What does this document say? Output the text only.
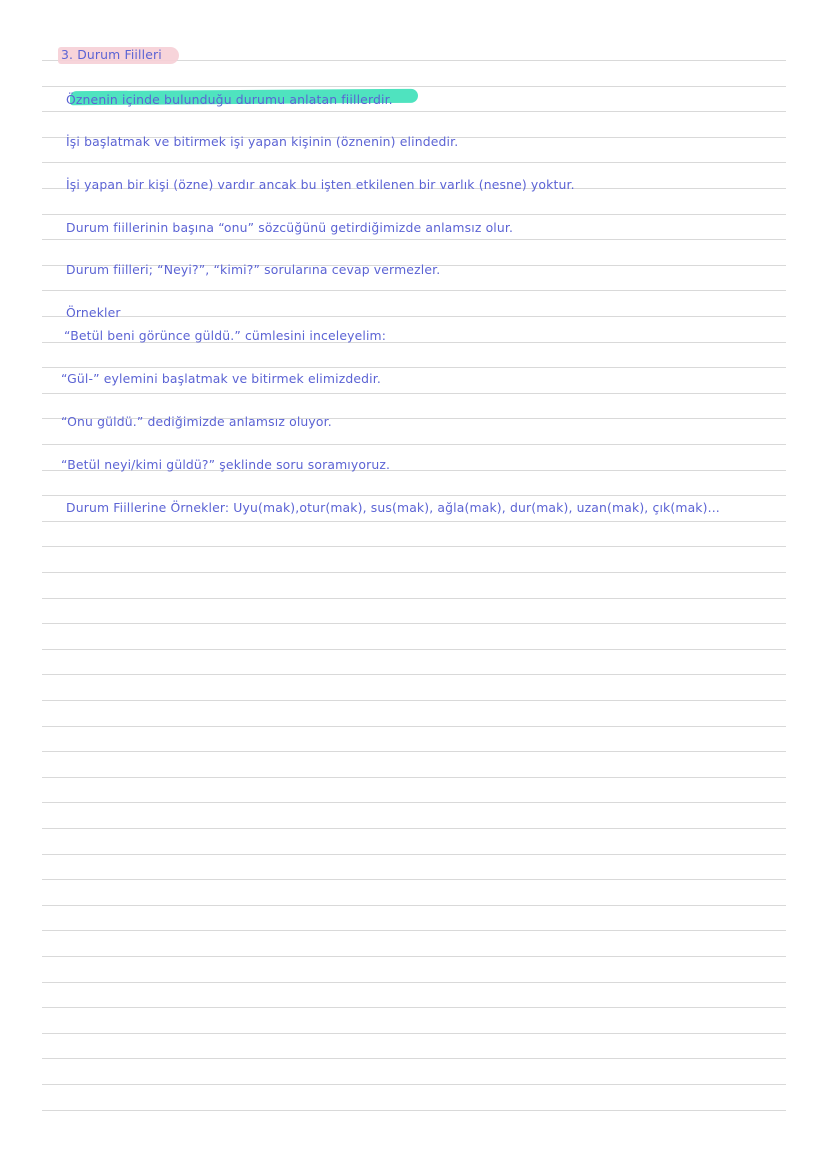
3. Durum Fiilleri
Öznenin içinde bulunduğu durumu anlatan fiillerdir.
İşi başlatmak ve bitirmek işi yapan kişinin (öznenin) elindedir.
İşi yapan bir kişi (özne) vardır ancak bu işten etkilenen bir varlık (nesne) yoktur.
Durum fiillerinin başına “onu” sözcüğünü getirdiğimizde anlamsız olur.
Durum fiilleri; “Neyi?”, “kimi?” sorularına cevap vermezler.
Örnekler
“Betül beni görünce güldü.” cümlesini inceleyelim:
“Gül-” eylemini başlatmak ve bitirmek elimizdedir.
“Onu güldü.” dediğimizde anlamsız oluyor.
“Betül neyi/kimi güldü?” şeklinde soru soramıyoruz.
Durum Fiillerine Örnekler: Uyu(mak),otur(mak), sus(mak), ağla(mak), dur(mak), uzan(mak), çık(mak)...
